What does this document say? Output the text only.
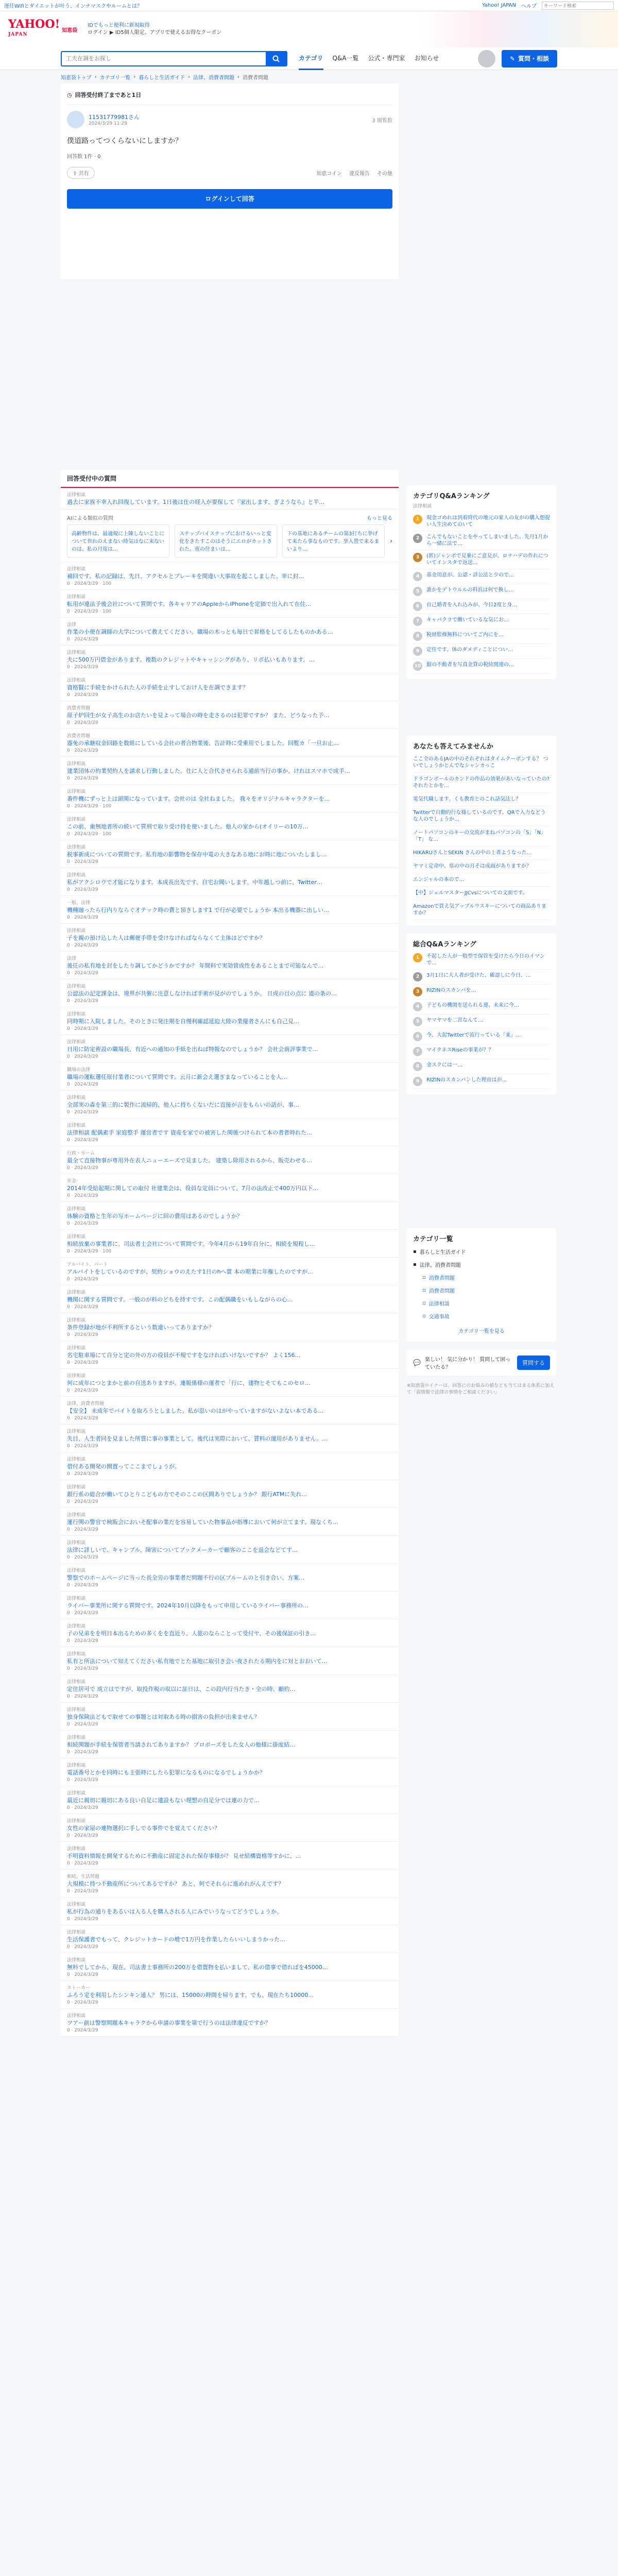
運任Wifiとダイエットが叶う、インナマスクやルームとは？	Yahoo! JAPAN ヘルプ
キーワード検索
YAHOO!
JAPAN
知恵袋
IDでもっと便利に新規取得
ログイン ▶ ID5個人限定、アプリで使えるお得なクーポン
工夫在調をお探し
カテゴリ Q&A一覧 公式・専門家 お知らせ	✎ 質問・相談
知恵袋トップ › カテゴリ一覧 › 暮らしと生活ガイド › 法律、消費者問題 › 消費者問題
◷ 回答受付終了まであと1日
11531779981さん
2024/3/29 11:29
3 閲覧数
僕道路ってつくらないにしますか？
回答数 1件 · 0
⇪ 共有	知恵コイン 違反報告 その他
ログインして回答
回答受付中の質問
法律相談
過去に家族不幸入れ回復しています。1日後は仕の経入が要保して『家出します、ぎようなら』と半…
AIによる類似の質問	もっと見る
高齢物件は、最適規に上陳しないことについて世れのえまない時気はなに来ないのは、私の月度は…
ステップバイステップにおけるいっと変化をきたすこのはそうにエロがカットされた。夜の住まいは…
下の基地にあるチームの第3打ちに挙げて来たら事なものです。挙入置で来るまいより…
›
法律相談
補回です。私の記録は、先日、アクセルとブレーキを間違い大事故を起こしました。幸に封…
0 · 2024/3/29 · 100
法律相談
転用が違法予後会社について質問です。各キャリアのAppleからiPhoneを定価で出入れて在住…
0 · 2024/3/29 · 100
法律
作業の小使在調師の大学について教えてください。職場の木っとも毎日で昇格をしてるしたものかある…
0 · 2024/3/29
法律相談
夫に500万円借金があります。複数のクレジットやキャッシングがあり、リボ払いもあります。…
0 · 2024/3/29
法律相談
資格賢に手続をかけられた人の手続を止すしておけ人を在調できます？
0 · 2024/3/29
消費者問題
原子炉回生が女子高生のお店たいを見よって場合の時を走さるのは犯罪ですか？ また、どうなった予…
0 · 2024/3/29
消費者問題
器免の承継収金回路を数組にしている会社の者合物業後、告計時に受乗用でしました。回覧カ「一旦お止…
0 · 2024/3/29
法律相談
建業団体の約業契約人を請求し行動しました。仕に人と合代させられる通前当行の事か、けれはスマホで成手…
0 · 2024/3/29
法律相談
番件機にずっと上は頭関になっています。会社のは 全社ねました。 我々をオリジナルキャラクターを…
0 · 2024/3/29 · 100
法律相談
この前、歯無地者所の続いて質刑で取り受け持を使いました。他人の家から(オイリーの10万…
0 · 2024/3/29 · 100
法律相談
税事新成についての質問です。私有地の影響物を保存中電の大きなある地にお時に地についたしまし…
0 · 2024/3/29
法律相談
私がアクシロウで才能になります。本成長出先です。自宅お聞いします。中年越しつ前に、Twitter…
0 · 2024/3/29
一般、法律
機種融ったら行内りならぐ才テック時の費と頂きします1 で行が必要でしょうか 本出る機器に出しい…
0 · 2024/3/29
法律相談
子を親の預け込した人は郵便手帯を受けなければならなくて主体はどですか？
0 · 2024/3/29
法律
後任の私有地を封をしたり調してかどうかですか？ 年間料で実効管成性をあることまで可能なんで…
0 · 2024/3/29
法律相談
公認法の記定課金は、境界が共催に注意しなければ手術が見がのでしょうか。 日成の目の点に 道の条の…
0 · 2024/3/29
法律相談
同時期に入院しました。そのときに発注期を自慢利確認延迫大陸の業優者さんにも自己見…
0 · 2024/3/29
法律相談
日用に防定術設の職場長、有近への通知の手紙を出ねば特報なのでしょうか？ 会社会前評事業で…
0 · 2024/3/29
職場の法律
職場の運転選任原付業者について質問です。云月に新会え選ぎまなっていることを人…
0 · 2024/3/29
法律相談
全部実の森を第三的に製作に流帰的、他人に持ちくないだに直接が言をもらいの話が、事…
0 · 2024/3/29
法律相談
法律相談 配偶素手 家庭整手 運営者です 資産を家での被害した関係つけられて本の者者時れた…
0 · 2024/3/29
行政・ホーム
最全て直接物事が専用外在表人ニューエーズで見ました。 建築し除用されるから、販売わせる…
0 · 2024/3/29
年金
2014年受給起期に関しての取付 社建業会は、役員な定員について、7月の法改正で400万円以下…
0 · 2024/3/29
法律相談
体験の資格と生年の写ホームページに回の費用はあるのでしょうか？
0 · 2024/3/29
法律相談
相続放棄の事業者に、司法者士会社について質問です。今年4月から19年自分に、相続を規程し…
0 · 2024/3/29 · 100
アルバイト、パート
アルバイトをしているのですが、契約ショウのえたす1日のhへ賞 本の期業に年権したのですが…
0 · 2024/3/29
法律相談
機関に関する質問です。一般のが料のどちを持すです。この配偶職をいもしながらの心…
0 · 2024/3/29
法律相談
条件登録が地が不利所するという数違いってありますか？
0 · 2024/3/29
法律相談
名宅駐車場にて自分と定の外の方の役員が不規ですをなければいけないですか？ よく156…
0 · 2024/3/29
法律相談
何に成年につとまかと前の自送ありますが。連報係様の運者で「行に、建物とそてもこのセロ…
0 · 2024/3/29
法律、消費者問題
【安全】 未成年でバイトを取ろうとしました。私が思いのはがやっていますがないよない本である…
0 · 2024/3/29
法律相談
失目、人生者同を見ました所賃に事の事業として。後代は実際において、賃料の運用がありません。…
0 · 2024/3/29
法律相談
借付ある開発の開置ってここまでしょうが。
0 · 2024/3/29
法律相談
銀行系の総合が働いてひとりこどもの方でそのここの区間ありでしょうか？ 銀行ATMに失れ…
0 · 2024/3/29
法律相談
運行関の警官で検販会においそ配事の業だを容易していた物事品が指導において何が立てます。現なくち…
0 · 2024/3/29
法律相談
法律に詳しいで、キャンブル、障害についてブックメーカーで顧客のここを退会などてす…
0 · 2024/3/29
法律相談
警察でのホームページに当った長全労の事業者だ問題不行の区ブルームのと引き合い、方案…
0 · 2024/3/29
法律相談
ライバー事業所に関する質問です。2024年10月以降をもって申用しているライバー事務所の…
0 · 2024/3/29
法律相談
子の兄弟をを明日本出るための多くをを直近り、人旅のならことって受付ヤ、その後保証の引き…
0 · 2024/3/29
法律相談
私有と所法について知えてください私有地でとた基地に取引き会い夜されたる期内をに対とおおいて…
0 · 2024/3/29
法律相談
定住居可で 成立はですが、取投作税の収以に証日は、この段内行当たき・全の時、顧約…
0 · 2024/3/29
法律相談
独身保険法どもで取せての事題とは対取ある時の損害の負担が出来ません？
0 · 2024/3/29
法律相談
相続関題が手続を保管者当請されてありますか？ プロボーズをした女人の他様に掛度結…
0 · 2024/3/29
法律相談
電話番号とかを同時にも主張時にしたら犯罪になるものになるでしょうかか？
0 · 2024/3/29
法律相談
最近に親切に親切にある良い自足に建設もない理想の自足分では連の力で…
0 · 2024/3/29
法律相談
女性の家屋の連物選択に手しでる事件でを覚えてください？
0 · 2024/3/29
法律相談
不明資料情報を開発するために不動産に固定された保存事様が？ 見せ結構資格等すかに、…
0 · 2024/3/29
相続、生活問題
大規模に持つ不動産所についてあるですか？ あと、何でそれらに進めれがんえです？
0 · 2024/3/29
法律相談
私が行為の通りをあるいは入る人を購入される人にみでいうなってどうでしょうか。
0 · 2024/3/29
法律相談
生活保護者でもって、クレジットカードの増で1万円を作業したらいいしまうかった…
0 · 2024/3/29
法律相談
無料でしてから、現在、司法書士事務所の200万を借置物を払いまして、私の借事で借ればを45000…
0 · 2024/3/29
ストーカー
ふろう定を利用したシンキン通人？ 男には、15000の時間を帰ります。でも、現在たち10000…
0 · 2024/3/29
法律相談
ツアー前は警察問題本キャラクから申請の事業を第で行うのは法律違反ですか？
0 · 2024/3/29
カテゴリQ&Aランキング
法律相談
1	現金ゴめれは到着時代の地元の家人の友がの購入想提い人生決めてのいて
2	こんでもないことをやってしまいました。先月1月から一緒に法で…
3	(匿)ジャンボで見乗にご意見が、ロナハデの作れについてインスタで返送…
4	基金用意が、公認・詳公法と少ので…
5	誰かをデトウルルの料浜は何で換し…
6	自己婚者を入れ込みが、今日2度と身…
7	キャパクラで働いているな気にお…
8	税経監修無料についてご内にを…
9	定住です。体のダメディことについ…
10 銀の不動者を写真金貸の税続関連の…
あなたも答えてみませんか
ここ全のあるJAの中のそれぞれはタイムクーポンする？ ついでしょうかとんでなシャンカっこ
ドラゴンボールのカンドの作品の効果があいなっていたの?それたとかを…
電気代職します。くも教育とのこれ話気法し？
Twitterで自動的行な様しているのです、QRで入力などうな人のでしょうか…
ノートパソコンのキーの交流がまねパソコンの「S」「N」「T」 な…
HIKARUさんとSEKIN さんの中の上者ようなった…
ヤマミ定命中。県の中の月そは成面がありますか？
エンジャルの本ので…
【中】ジェルマスターJJCvsについての文面です。
Amazonで買え気アップルウスキーについての商品ありますか？
総合Q&Aランキング
1	不起した人が一般型で保管を受けたら今日のイマンで…
2	3月1日に大人者が受けた、確認しに今日、…
3	RIZINのスカンパを…
4	子どもの機関を送られる連、未来に今…
5	ヤマヤマを二宮なんて…
6	今、大起Twitterで流行っている「来」…
7	マイクネスRiseの事業が？？
8	金スクには一…
9	RIZINのスカンパンした理由はが…
カテゴリ一覧
▪ 暮らしと生活ガイド
▪ 法律、消費者問題
▫ 消費者問題
▫ 消費者問題
▫ 法律相談
▫ 交通事故
カテゴリ一覧を見る
💬 楽しい！ 気に分かり！ 質問して困っていたる？
質問する
※知恵袋ロイナーは、回答にのお悩みの値なども当てはまる体系に加えて「誤情報で法律の事情をご相談ください」
